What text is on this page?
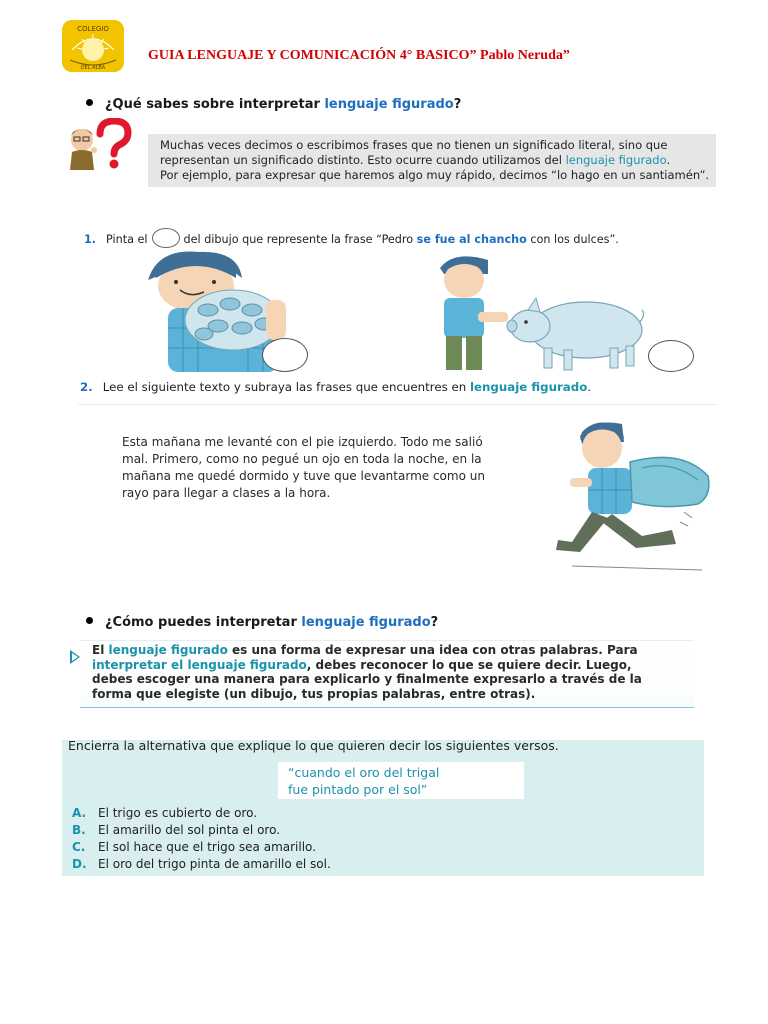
COLEGIO
DEL ALBA
GUIA LENGUAJE Y COMUNICACIÓN 4° BASICO” Pablo Neruda”
¿Qué sabes sobre interpretar lenguaje figurado?

Muchas veces decimos o escribimos frases que no tienen un significado literal, sino que

representan un significado distinto. Esto ocurre cuando utilizamos del lenguaje figurado.

Por ejemplo, para expresar que haremos algo muy rápido, decimos “lo hago en un santiamén”.

1. Pinta el	del dibujo que represente la frase “Pedro se fue al chancho con los dulces”.
2. Lee el siguiente texto y subraya las frases que encuentres en lenguaje figurado.

Esta mañana me levanté con el pie izquierdo. Todo me salió

mal. Primero, como no pegué un ojo en toda la noche, en la

mañana me quedé dormido y tuve que levantarme como un

rayo para llegar a clases a la hora.

¿Cómo puedes interpretar lenguaje figurado?

El lenguaje figurado es una forma de expresar una idea con otras palabras. Para

interpretar el lenguaje figurado, debes reconocer lo que se quiere decir. Luego,

debes escoger una manera para explicarlo y finalmente expresarlo a través de la

forma que elegiste (un dibujo, tus propias palabras, entre otras).

Encierra la alternativa que explique lo que quieren decir los siguientes versos.

“cuando el oro del trigal

fue pintado por el sol”

A. El trigo es cubierto de oro.
B. El amarillo del sol pinta el oro.
C. El sol hace que el trigo sea amarillo.
D. El oro del trigo pinta de amarillo el sol.
